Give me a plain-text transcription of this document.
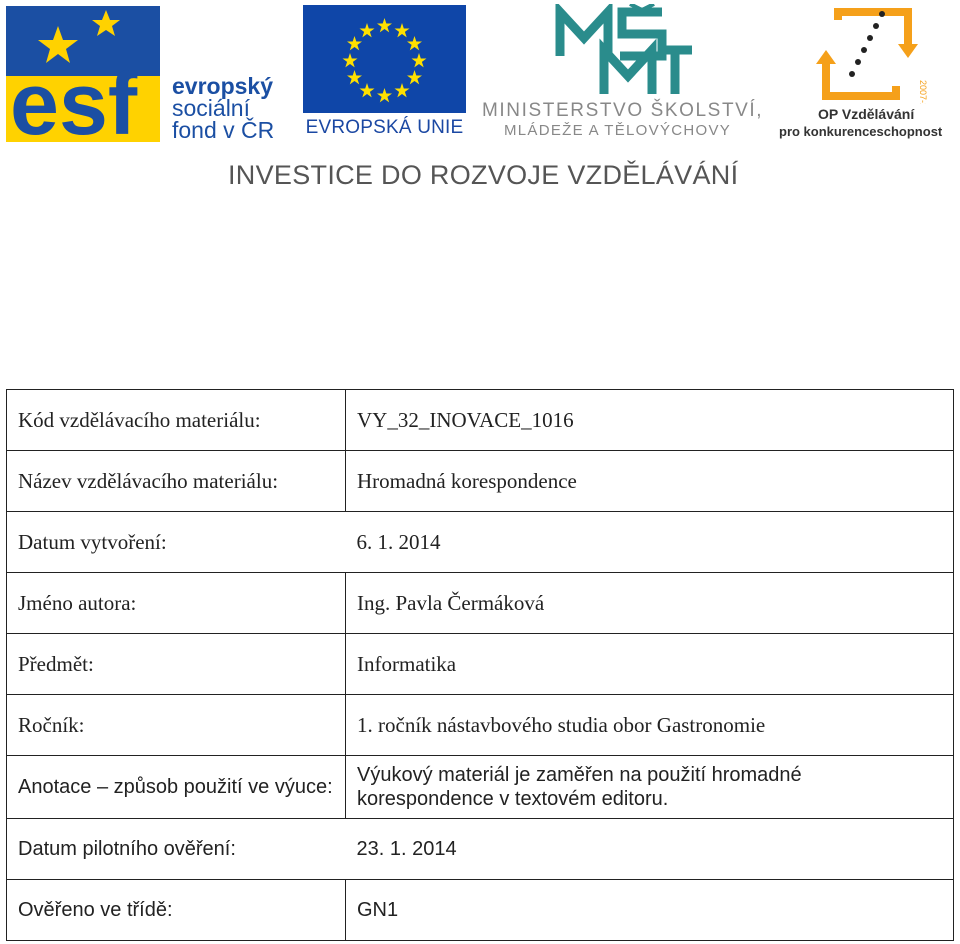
esf evropský
sociální
fond v ČR EVROPSKÁ UNIE
MINISTERSTVO ŠKOLSTVÍ,
MLÁDEŽE A TĚLOVÝCHOVY
2007-13
OP Vzdělávání
pro konkurenceschopnost
INVESTICE DO ROZVOJE VZDĚLÁVÁNÍ
Kód vzdělávacího materiálu:	VY_32_INOVACE_1016
Název vzdělávacího materiálu:	Hromadná korespondence
Datum vytvoření:	6. 1. 2014
Jméno autora:	Ing. Pavla Čermáková
Předmět:	Informatika
Ročník:	1. ročník nástavbového studia obor Gastronomie
Anotace – způsob použití ve výuce:	Výukový materiál je zaměřen na použití hromadné korespondence v textovém editoru.
Datum pilotního ověření:	23. 1. 2014
Ověřeno ve třídě:	GN1
